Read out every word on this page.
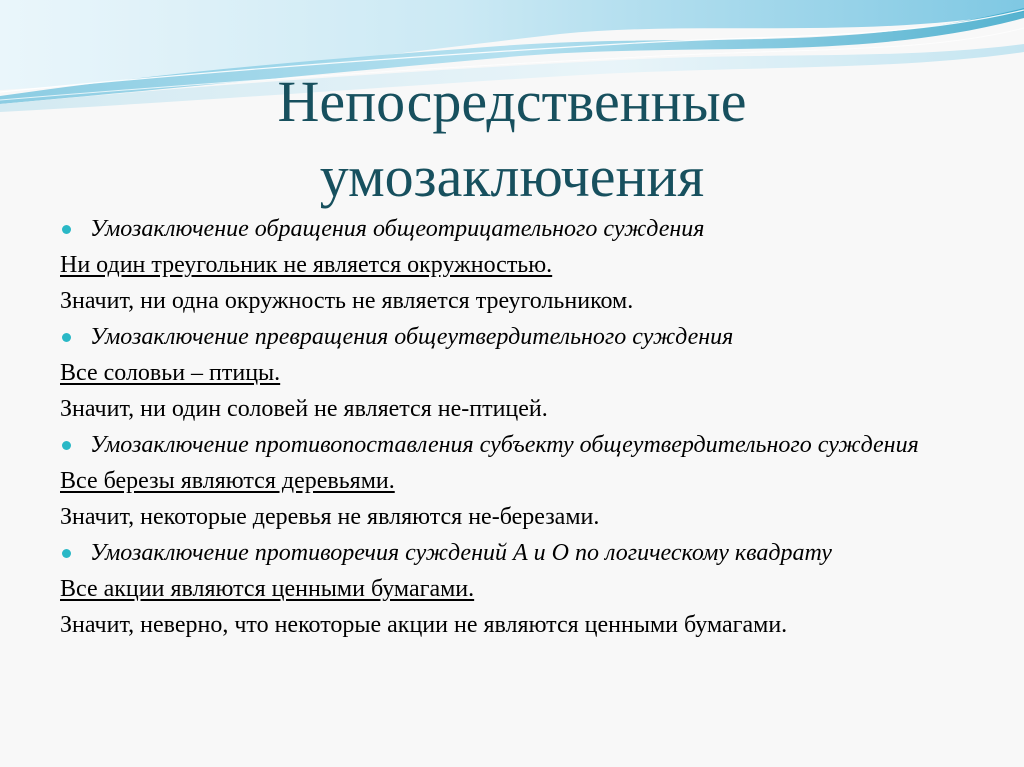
Непосредственные
умозаключения
Умозаключение обращения общеотрицательного суждения
Ни один треугольник не является окружностью.
Значит, ни одна окружность не является треугольником.
Умозаключение превращения общеутвердительного суждения
Все соловьи – птицы.
Значит, ни один соловей не является не-птицей.
Умозаключение противопоставления субъекту общеутвердительного суждения
Все березы являются деревьями.
Значит, некоторые деревья не являются не-березами.
Умозаключение противоречия суждений А и О по логическому квадрату
Все акции являются ценными бумагами.
Значит, неверно, что некоторые акции не являются ценными бумагами.
